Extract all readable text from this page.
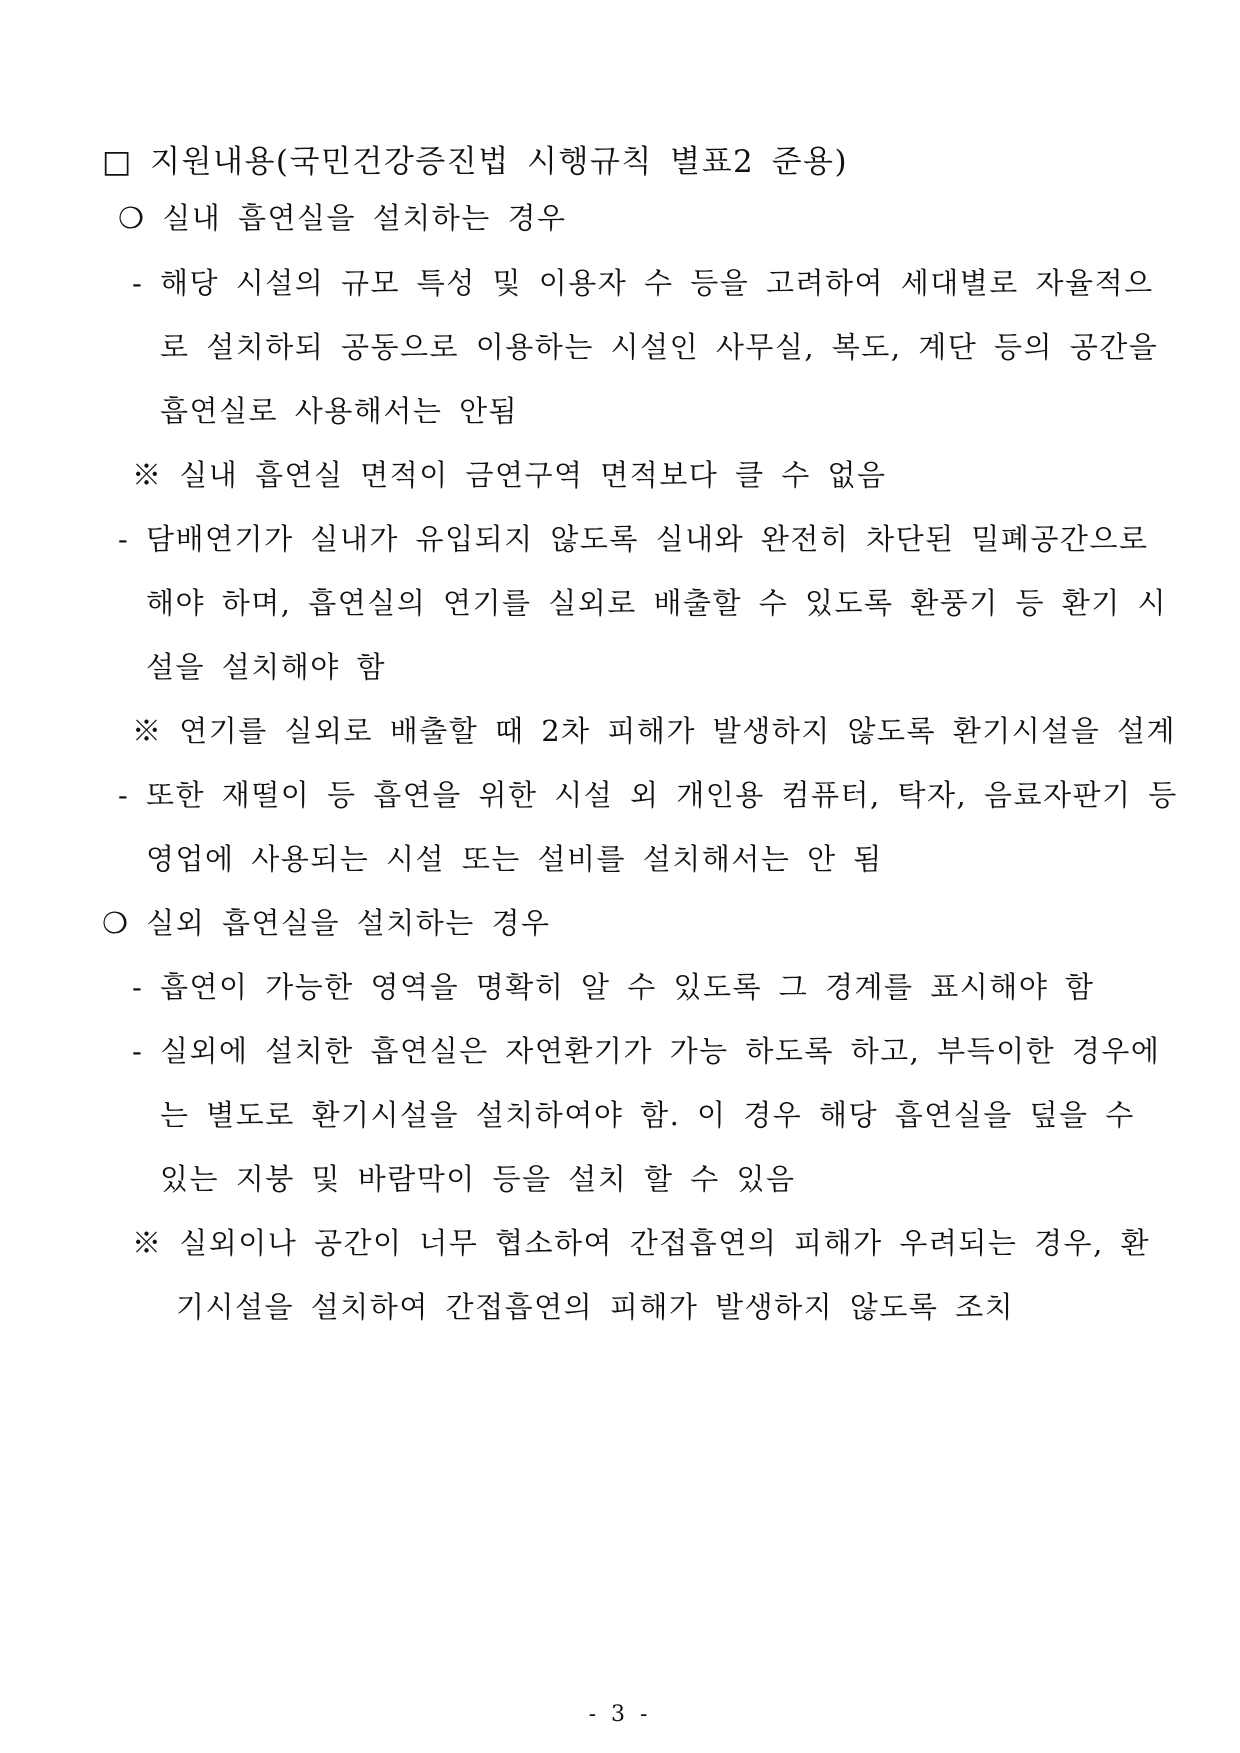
□ 지원내용(국민건강증진법 시행규칙 별표2 준용)
❍ 실내 흡연실을 설치하는 경우
- 해당 시설의 규모 특성 및 이용자 수 등을 고려하여 세대별로 자율적으
로 설치하되 공동으로 이용하는 시설인 사무실, 복도, 계단 등의 공간을
흡연실로 사용해서는 안됨
※ 실내 흡연실 면적이 금연구역 면적보다 클 수 없음
- 담배연기가 실내가 유입되지 않도록 실내와 완전히 차단된 밀폐공간으로
해야 하며, 흡연실의 연기를 실외로 배출할 수 있도록 환풍기 등 환기 시
설을 설치해야 함
※ 연기를 실외로 배출할 때 2차 피해가 발생하지 않도록 환기시설을 설계
- 또한 재떨이 등 흡연을 위한 시설 외 개인용 컴퓨터, 탁자, 음료자판기 등
영업에 사용되는 시설 또는 설비를 설치해서는 안 됨
❍ 실외 흡연실을 설치하는 경우
- 흡연이 가능한 영역을 명확히 알 수 있도록 그 경계를 표시해야 함
- 실외에 설치한 흡연실은 자연환기가 가능 하도록 하고, 부득이한 경우에
는 별도로 환기시설을 설치하여야 함. 이 경우 해당 흡연실을 덮을 수
있는 지붕 및 바람막이 등을 설치 할 수 있음
※ 실외이나 공간이 너무 협소하여 간접흡연의 피해가 우려되는 경우, 환
기시설을 설치하여 간접흡연의 피해가 발생하지 않도록 조치
- 3 -
